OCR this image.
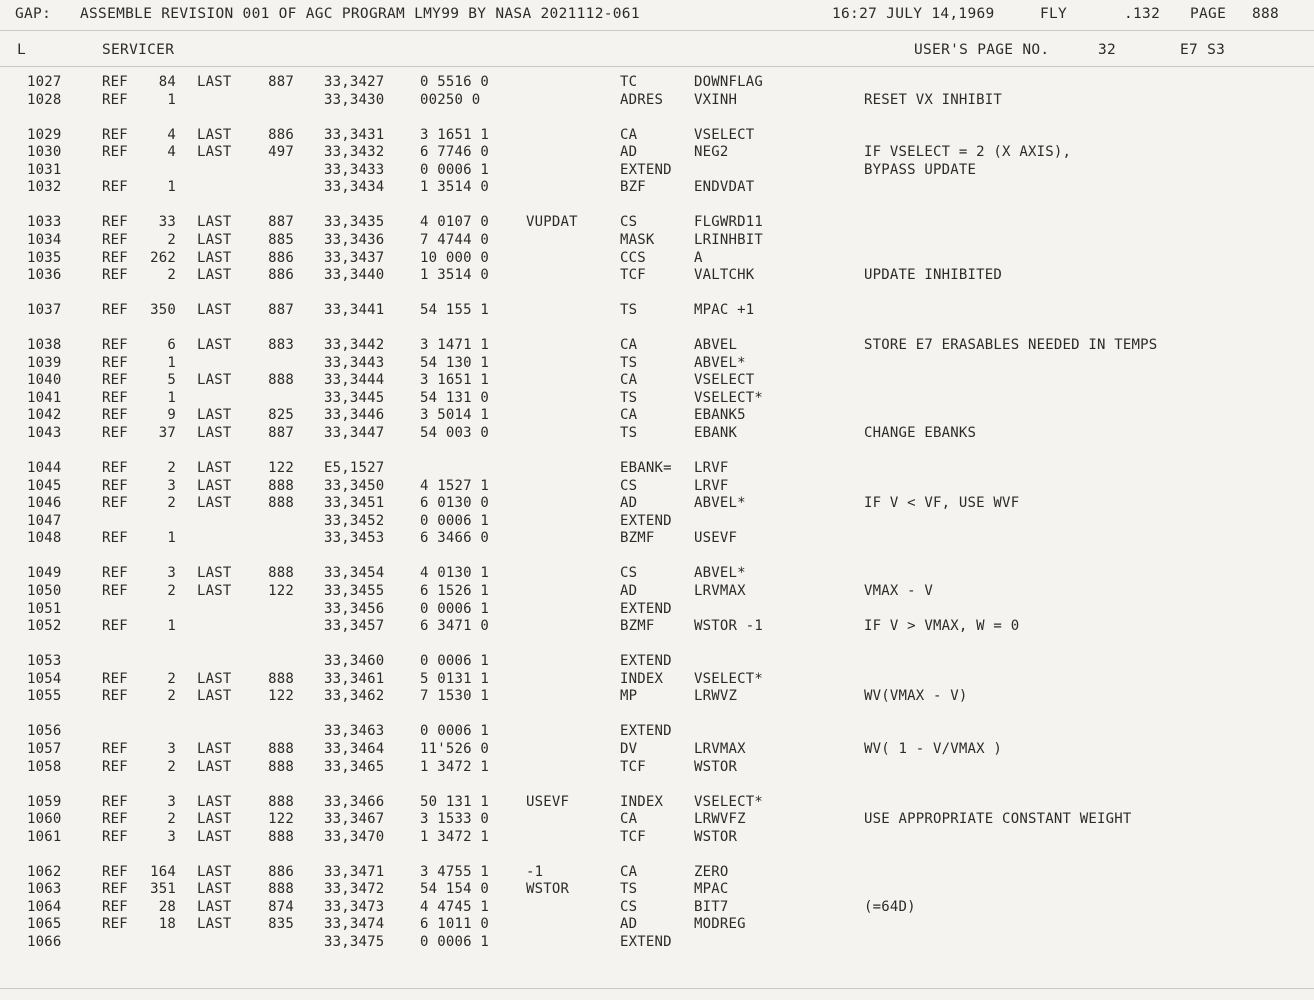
GAP: ASSEMBLE REVISION 001 OF AGC PROGRAM LMY99 BY NASA 2021112-061	16:27 JULY 14,1969	FLY	.132 PAGE 888
L	SERVICER	USER'S PAGE NO.	32	E7 S3
1027	REF	84 LAST	887 33,3427	0 5516 0	TC	DOWNFLAG
1028	REF	1	33,3430	00250 0	ADRES VXINH	RESET VX INHIBIT
1029	REF	4 LAST	886 33,3431	3 1651 1	CA	VSELECT
1030	REF	4 LAST	497 33,3432	6 7746 0	AD	NEG2	IF VSELECT = 2 (X AXIS),
1031	33,3433	0 0006 1	EXTEND	BYPASS UPDATE
1032	REF	1	33,3434	1 3514 0	BZF	ENDVDAT
1033	REF	33 LAST	887 33,3435	4 0107 0	VUPDAT	CS	FLGWRD11
1034	REF	2 LAST	885 33,3436	7 4744 0	MASK	LRINHBIT
1035	REF	262 LAST	886 33,3437	10 000 0	CCS	A
1036	REF	2 LAST	886 33,3440	1 3514 0	TCF	VALTCHK	UPDATE INHIBITED
1037	REF	350 LAST	887 33,3441	54 155 1	TS	MPAC +1
1038	REF	6 LAST	883 33,3442	3 1471 1	CA	ABVEL	STORE E7 ERASABLES NEEDED IN TEMPS
1039	REF	1	33,3443	54 130 1	TS	ABVEL*
1040	REF	5 LAST	888 33,3444	3 1651 1	CA	VSELECT
1041	REF	1	33,3445	54 131 0	TS	VSELECT*
1042	REF	9 LAST	825 33,3446	3 5014 1	CA	EBANK5
1043	REF	37 LAST	887 33,3447	54 003 0	TS	EBANK	CHANGE EBANKS
1044	REF	2 LAST	122 E5,1527	EBANK= LRVF
1045	REF	3 LAST	888 33,3450	4 1527 1	CS	LRVF
1046	REF	2 LAST	888 33,3451	6 0130 0	AD	ABVEL*	IF V < VF, USE WVF
1047	33,3452	0 0006 1	EXTEND
1048	REF	1	33,3453	6 3466 0	BZMF	USEVF
1049	REF	3 LAST	888 33,3454	4 0130 1	CS	ABVEL*
1050	REF	2 LAST	122 33,3455	6 1526 1	AD	LRVMAX	VMAX - V
1051	33,3456	0 0006 1	EXTEND
1052	REF	1	33,3457	6 3471 0	BZMF	WSTOR -1	IF V > VMAX, W = 0
1053	33,3460	0 0006 1	EXTEND
1054	REF	2 LAST	888 33,3461	5 0131 1	INDEX VSELECT*
1055	REF	2 LAST	122 33,3462	7 1530 1	MP	LRWVZ	WV(VMAX - V)
1056	33,3463	0 0006 1	EXTEND
1057	REF	3 LAST	888 33,3464	11'526 0	DV	LRVMAX	WV( 1 - V/VMAX )
1058	REF	2 LAST	888 33,3465	1 3472 1	TCF	WSTOR
1059	REF	3 LAST	888 33,3466	50 131 1	USEVF	INDEX VSELECT*
1060	REF	2 LAST	122 33,3467	3 1533 0	CA	LRWVFZ	USE APPROPRIATE CONSTANT WEIGHT
1061	REF	3 LAST	888 33,3470	1 3472 1	TCF	WSTOR
1062	REF	164 LAST	886 33,3471	3 4755 1	-1	CA	ZERO
1063	REF	351 LAST	888 33,3472	54 154 0	WSTOR	TS	MPAC
1064	REF	28 LAST	874 33,3473	4 4745 1	CS	BIT7	(=64D)
1065	REF	18 LAST	835 33,3474	6 1011 0	AD	MODREG
1066	33,3475	0 0006 1	EXTEND
